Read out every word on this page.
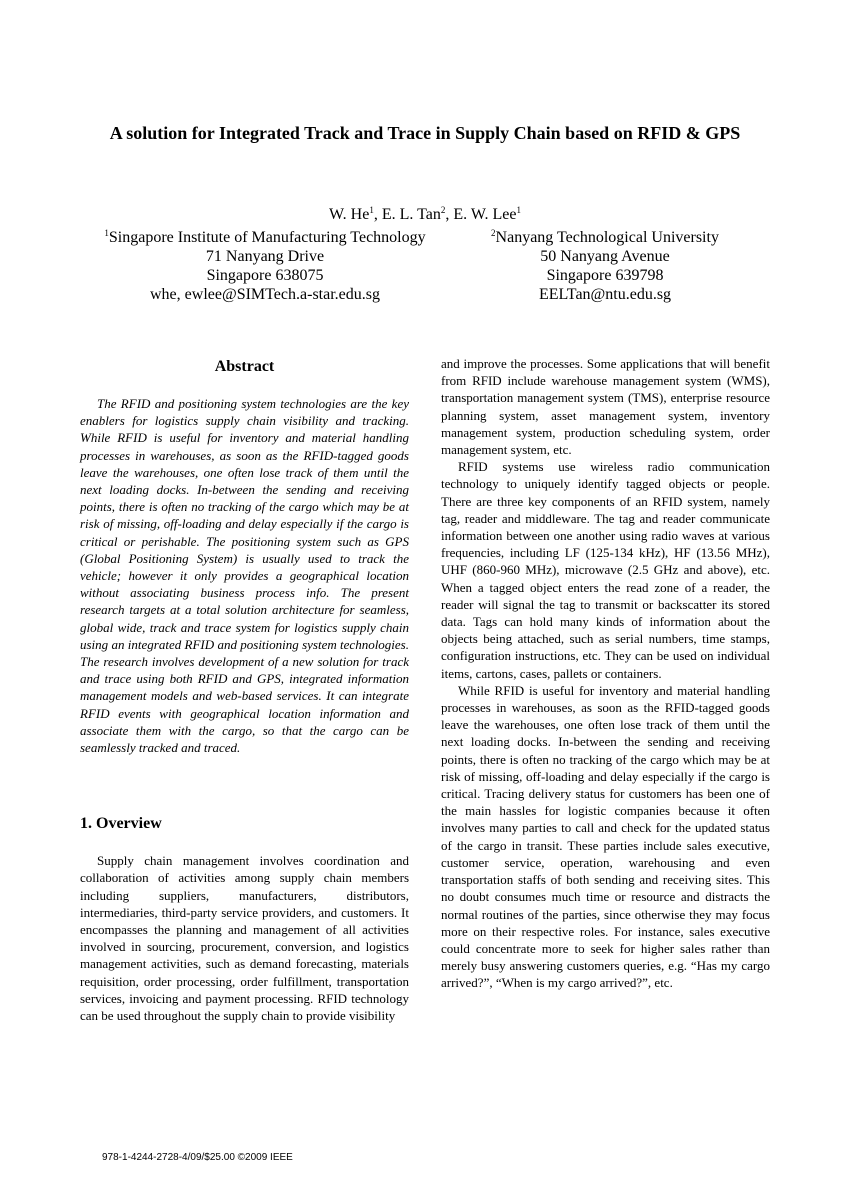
A solution for Integrated Track and Trace in Supply Chain based on RFID & GPS
W. He$^1$, E. L. Tan$^2$, E. W. Lee$^1$
$^1$Singapore Institute of Manufacturing Technology
71 Nanyang Drive
Singapore 638075
whe, ewlee@SIMTech.a-star.edu.sg
$^2$Nanyang Technological University
50 Nanyang Avenue
Singapore 639798
EELTan@ntu.edu.sg
Abstract

The RFID and positioning system technologies are the key enablers for logistics supply chain visibility and tracking. While RFID is useful for inventory and material handling processes in warehouses, as soon as the RFID-tagged goods leave the warehouses, one often lose track of them until the next loading docks. In-between the sending and receiving points, there is often no tracking of the cargo which may be at risk of missing, off-loading and delay especially if the cargo is critical or perishable. The positioning system such as GPS (Global Positioning System) is usually used to track the vehicle; however it only provides a geographical location without associating business process info. The present research targets at a total solution architecture for seamless, global wide, track and trace system for logistics supply chain using an integrated RFID and positioning system technologies. The research involves development of a new solution for track and trace using both RFID and GPS, integrated information management models and web-based services. It can integrate RFID events with geographical location information and associate them with the cargo, so that the cargo can be seamlessly tracked and traced.

1. Overview

Supply chain management involves coordination and collaboration of activities among supply chain members including suppliers, manufacturers, distributors, intermediaries, third-party service providers, and customers. It encompasses the planning and management of all activities involved in sourcing, procurement, conversion, and logistics management activities, such as demand forecasting, materials requisition, order processing, order fulfillment, transportation services, invoicing and payment processing. RFID technology can be used throughout the supply chain to provide visibility

and improve the processes. Some applications that will benefit from RFID include warehouse management system (WMS), transportation management system (TMS), enterprise resource planning system, asset management system, inventory management system, production scheduling system, order management system, etc.

RFID systems use wireless radio communication technology to uniquely identify tagged objects or people. There are three key components of an RFID system, namely tag, reader and middleware. The tag and reader communicate information between one another using radio waves at various frequencies, including LF (125-134 kHz), HF (13.56 MHz), UHF (860-960 MHz), microwave (2.5 GHz and above), etc. When a tagged object enters the read zone of a reader, the reader will signal the tag to transmit or backscatter its stored data. Tags can hold many kinds of information about the objects being attached, such as serial numbers, time stamps, configuration instructions, etc. They can be used on individual items, cartons, cases, pallets or containers.

While RFID is useful for inventory and material handling processes in warehouses, as soon as the RFID-tagged goods leave the warehouses, one often lose track of them until the next loading docks. In-between the sending and receiving points, there is often no tracking of the cargo which may be at risk of missing, off-loading and delay especially if the cargo is critical. Tracing delivery status for customers has been one of the main hassles for logistic companies because it often involves many parties to call and check for the updated status of the cargo in transit. These parties include sales executive, customer service, operation, warehousing and even transportation staffs of both sending and receiving sites. This no doubt consumes much time or resource and distracts the normal routines of the parties, since otherwise they may focus more on their respective roles. For instance, sales executive could concentrate more to seek for higher sales rather than merely busy answering customers queries, e.g. “Has my cargo arrived?”, “When is my cargo arrived?”, etc.

978-1-4244-2728-4/09/$25.00 ©2009 IEEE
